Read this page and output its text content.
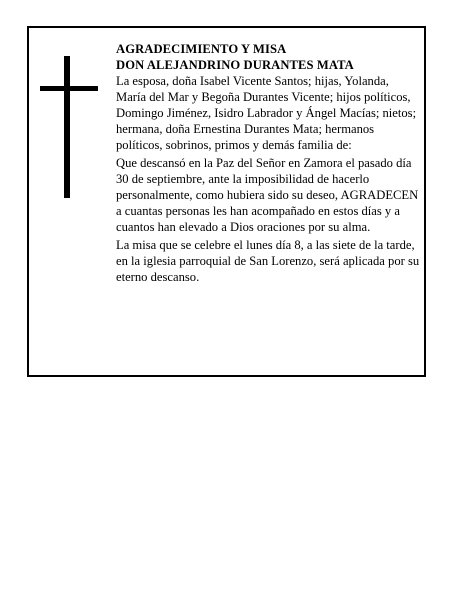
AGRADECIMIENTO Y MISA

DON ALEJANDRINO DURANTES MATA

La esposa, doña Isabel Vicente Santos; hijas, Yolanda, María del Mar y Begoña Durantes Vicente; hijos políticos, Domingo Jiménez, Isidro Labrador y Ángel Macías; nietos; hermana, doña Ernestina Durantes Mata; hermanos políticos, sobrinos, primos y demás familia de:

Que descansó en la Paz del Señor en Zamora el pasado día 30 de septiembre, ante la imposibilidad de hacerlo personalmente, como hubiera sido su deseo, AGRADECEN a cuantas personas les han acompañado en estos días y a cuantos han elevado a Dios oraciones por su alma.

La misa que se celebre el lunes día 8, a las siete de la tarde, en la iglesia parroquial de San Lorenzo, será aplicada por su eterno descanso.
